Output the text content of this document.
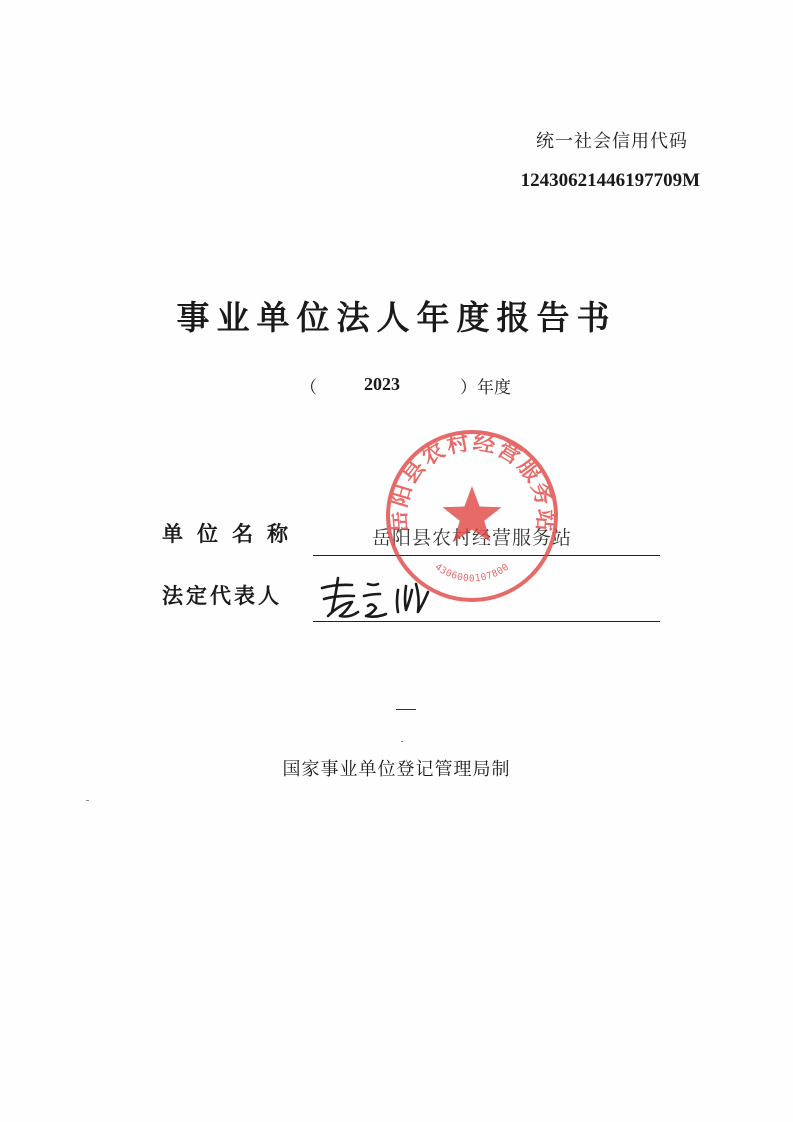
统一社会信用代码
12430621446197709M
事业单位法人年度报告书
（	2023	）年度
单位名称	岳阳县农村经营服务站
法定代表人
岳阳县农村经营服务站
4306000107800
国家事业单位登记管理局制
